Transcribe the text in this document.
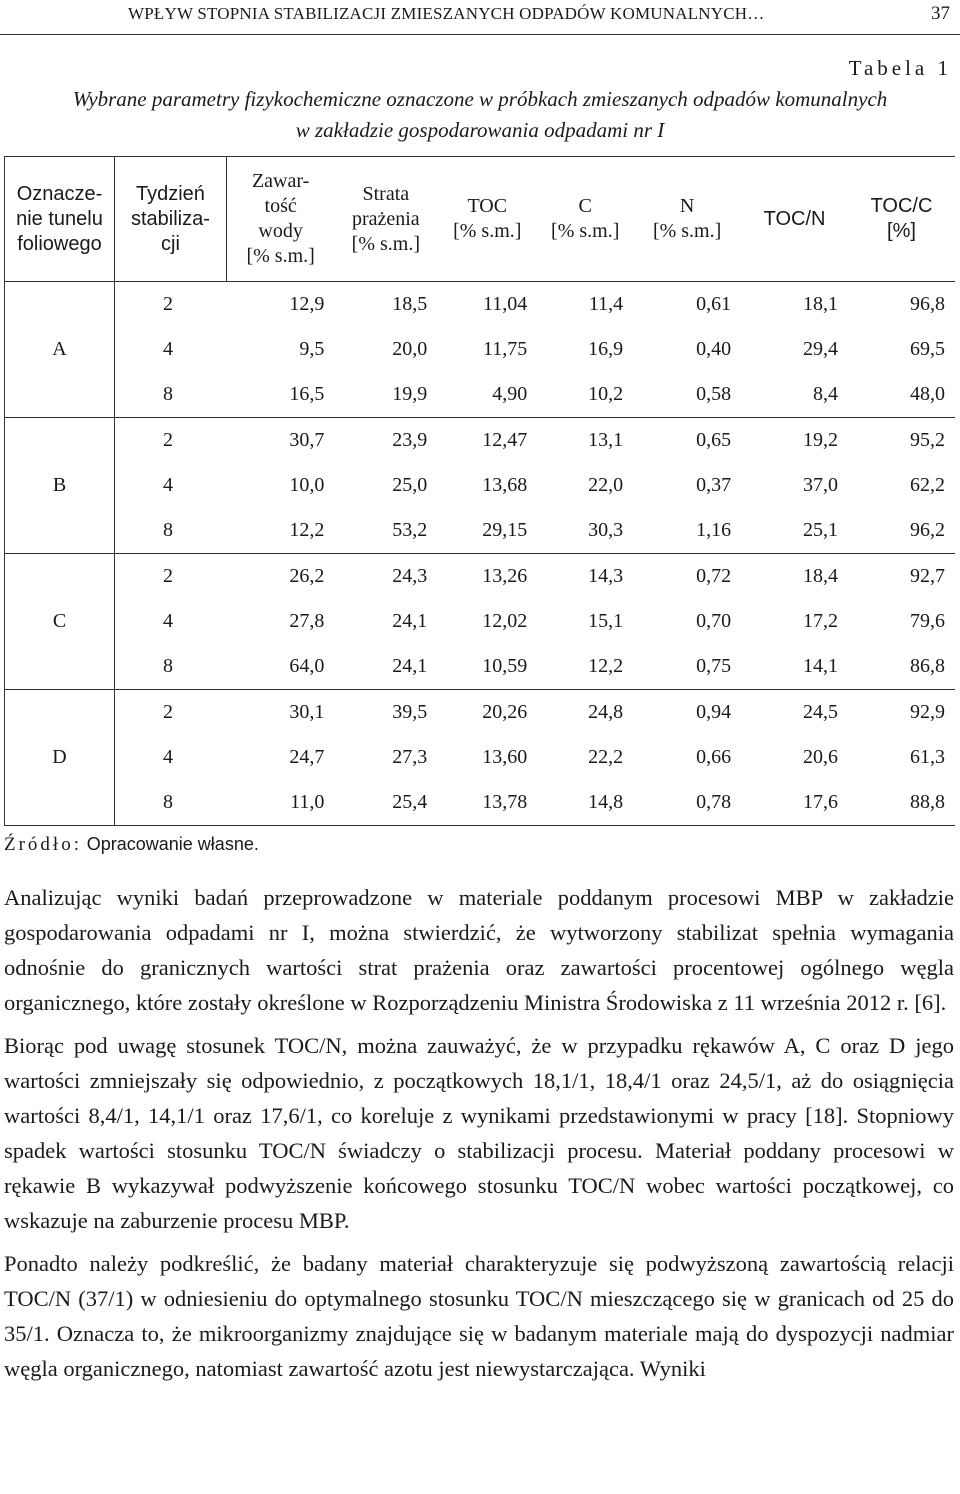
WPŁYW STOPNIA STABILIZACJI ZMIESZANYCH ODPADÓW KOMUNALNYCH…	37
Tabela 1
Wybrane parametry fizykochemiczne oznaczone w próbkach zmieszanych odpadów komunalnych
w zakładzie gospodarowania odpadami nr I
Oznacze-
nie tunelu
foliowego	Tydzień
stabiliza-
cji	Zawar-
tość
wody
[% s.m.]	Strata
prażenia
[% s.m.]	TOC
[% s.m.]	C
[% s.m.]	N
[% s.m.]	TOC/N	TOC/C
[%]
A	2	12,9	18,5	11,04	11,4	0,61	18,1	96,8
	4	9,5	20,0	11,75	16,9	0,40	29,4	69,5
	8	16,5	19,9	4,90	10,2	0,58	8,4	48,0
B	2	30,7	23,9	12,47	13,1	0,65	19,2	95,2
	4	10,0	25,0	13,68	22,0	0,37	37,0	62,2
	8	12,2	53,2	29,15	30,3	1,16	25,1	96,2
C	2	26,2	24,3	13,26	14,3	0,72	18,4	92,7
	4	27,8	24,1	12,02	15,1	0,70	17,2	79,6
	8	64,0	24,1	10,59	12,2	0,75	14,1	86,8
D	2	30,1	39,5	20,26	24,8	0,94	24,5	92,9
	4	24,7	27,3	13,60	22,2	0,66	20,6	61,3
	8	11,0	25,4	13,78	14,8	0,78	17,6	88,8
Źródło: Opracowanie własne.

Analizując wyniki badań przeprowadzone w materiale poddanym procesowi MBP w zakładzie gospodarowania odpadami nr I, można stwierdzić, że wytworzony stabilizat spełnia wymagania odnośnie do granicznych wartości strat prażenia oraz zawartości procentowej ogólnego węgla organicznego, które zostały określone w Rozporządzeniu Ministra Środowiska z 11 września 2012 r. [6].

Biorąc pod uwagę stosunek TOC/N, można zauważyć, że w przypadku rękawów A, C oraz D jego wartości zmniejszały się odpowiednio, z początkowych 18,1/1, 18,4/1 oraz 24,5/1, aż do osiągnięcia wartości 8,4/1, 14,1/1 oraz 17,6/1, co koreluje z wynikami przedstawionymi w pracy [18]. Stopniowy spadek wartości stosunku TOC/N świadczy o stabilizacji procesu. Materiał poddany procesowi w rękawie B wykazywał podwyższenie końcowego stosunku TOC/N wobec wartości początkowej, co wskazuje na zaburzenie procesu MBP.

Ponadto należy podkreślić, że badany materiał charakteryzuje się podwyższoną zawartością relacji TOC/N (37/1) w odniesieniu do optymalnego stosunku TOC/N mieszczącego się w granicach od 25 do 35/1. Oznacza to, że mikroorganizmy znajdujące się w badanym materiale mają do dyspozycji nadmiar węgla organicznego, natomiast zawartość azotu jest niewystarczająca. Wyniki
